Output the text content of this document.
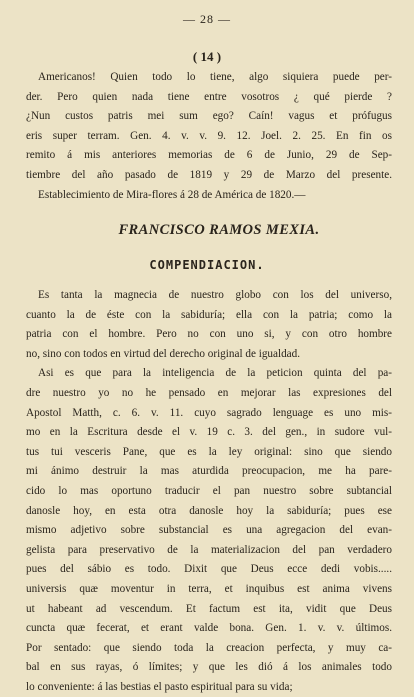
— 28 —
( 14 )
Americanos! Quien todo lo tiene, algo siquiera puede per-
der. Pero quien nada tiene entre vosotros ¿ qué pierde ?
¿Nun custos patris mei sum ego? Caín! vagus et prófugus
eris super terram. Gen. 4. v. v. 9. 12. Joel. 2. 25. En fin os
remito á mis anteriores memorias de 6 de Junio, 29 de Sep-
tiembre del año pasado de 1819 y 29 de Marzo del presente.
Establecimiento de Mira-flores á 28 de América de 1820.—
FRANCISCO RAMOS MEXIA.
COMPENDIACION.
Es tanta la magnecia de nuestro globo con los del universo,
cuanto la de éste con la sabiduría; ella con la patria; como la
patria con el hombre. Pero no con uno si, y con otro hombre
no, sino con todos en virtud del derecho original de igualdad.
Asi es que para la inteligencia de la peticion quinta del pa-
dre nuestro yo no he pensado en mejorar las expresiones del
Apostol Matth, c. 6. v. 11. cuyo sagrado lenguage es uno mis-
mo en la Escritura desde el v. 19 c. 3. del gen., in sudore vul-
tus tui vesceris Pane, que es la ley original: sino que siendo
mi ánimo destruir la mas aturdida preocupacion, me ha pare-
cido lo mas oportuno traducir el pan nuestro sobre subtancial
danosle hoy, en esta otra danosle hoy la sabiduría; pues ese
mismo adjetivo sobre substancial es una agregacion del evan-
gelista para preservativo de la materializacion del pan verdadero
pues del sábio es todo. Dixit que Deus ecce dedi vobis.....
universis quæ moventur in terra, et inquibus est anima vivens
ut habeant ad vescendum. Et factum est ita, vidit que Deus
cuncta quæ fecerat, et erant valde bona. Gen. 1. v. v. últimos.
Por sentado: que siendo toda la creacion perfecta, y muy ca-
bal en sus rayas, ó límites; y que les dió á los animales todo
lo conveniente: á las bestias el pasto espiritual para su vida;
